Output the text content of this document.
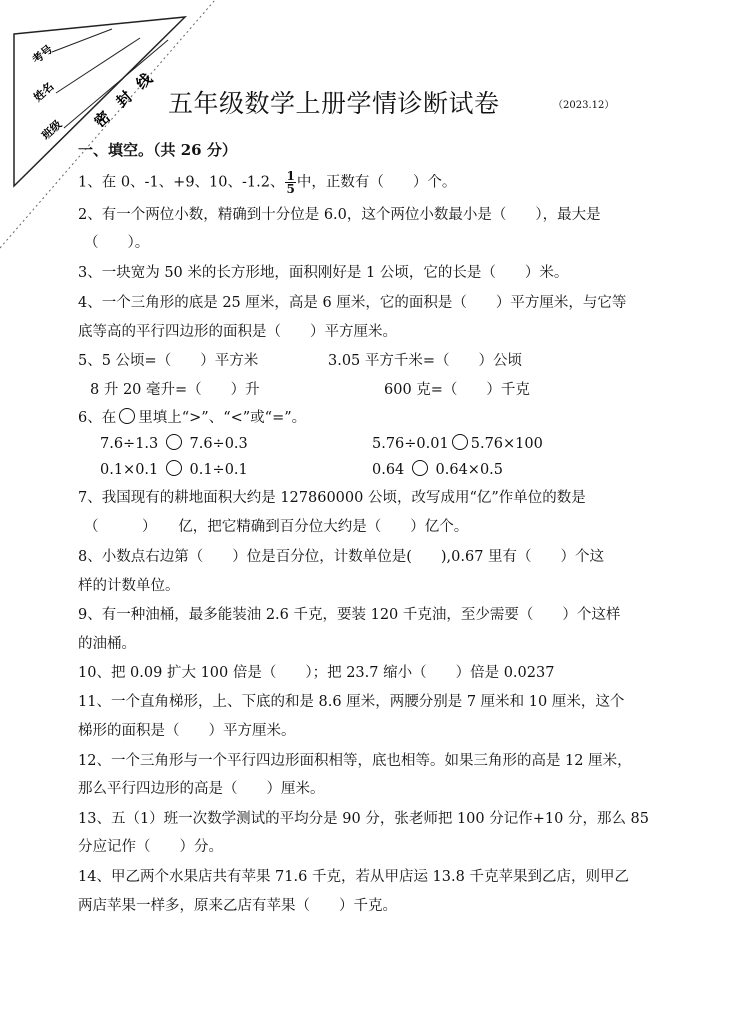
考号
姓名
班级 密
封
线
五年级数学上册学情诊断试卷	（2023.12）
一、填空。（共 26 分）
1、在 0、-1、+9、10、-1.2、 $\frac{1}{5}$ 中，正数有（　　）个。
2、有一个两位小数，精确到十分位是 6.0，这个两位小数最小是（　　），最大是
（　　）。
3、一块宽为 50 米的长方形地，面积刚好是 1 公顷，它的长是（　　）米。
4、一个三角形的底是 25 厘米，高是 6 厘米，它的面积是（　　）平方厘米，与它等
底等高的平行四边形的面积是（　　）平方厘米。
5、5 公顷=（　　）平方米	3.05 平方千米=（　　）公顷
8 升 20 毫升=（　　）升	600 克=（　　）千克
6、在 里填上“>”、“<”或“=”。
7.6÷1.3 7.6÷0.3	5.76÷0.01 5.76×100
0.1×0.1 0.1÷0.1	0.64 0.64×0.5
7、我国现有的耕地面积大约是 127860000 公顷，改写成用“亿”作单位的数是
（　　　）　　亿，把它精确到百分位大约是（　　）亿个。
8、小数点右边第（　　）位是百分位，计数单位是(　　),0.67 里有（　　）个这
样的计数单位。
9、有一种油桶，最多能装油 2.6 千克，要装 120 千克油，至少需要（　　）个这样
的油桶。
10、把 0.09 扩大 100 倍是（　　）；把 23.7 缩小（　　）倍是 0.0237
11、一个直角梯形，上、下底的和是 8.6 厘米，两腰分别是 7 厘米和 10 厘米，这个
梯形的面积是（　　）平方厘米。
12、一个三角形与一个平行四边形面积相等，底也相等。如果三角形的高是 12 厘米，
那么平行四边形的高是（　　）厘米。
13、五（1）班一次数学测试的平均分是 90 分，张老师把 100 分记作+10 分，那么 85
分应记作（　　）分。
14、甲乙两个水果店共有苹果 71.6 千克，若从甲店运 13.8 千克苹果到乙店，则甲乙
两店苹果一样多，原来乙店有苹果（　　）千克。
